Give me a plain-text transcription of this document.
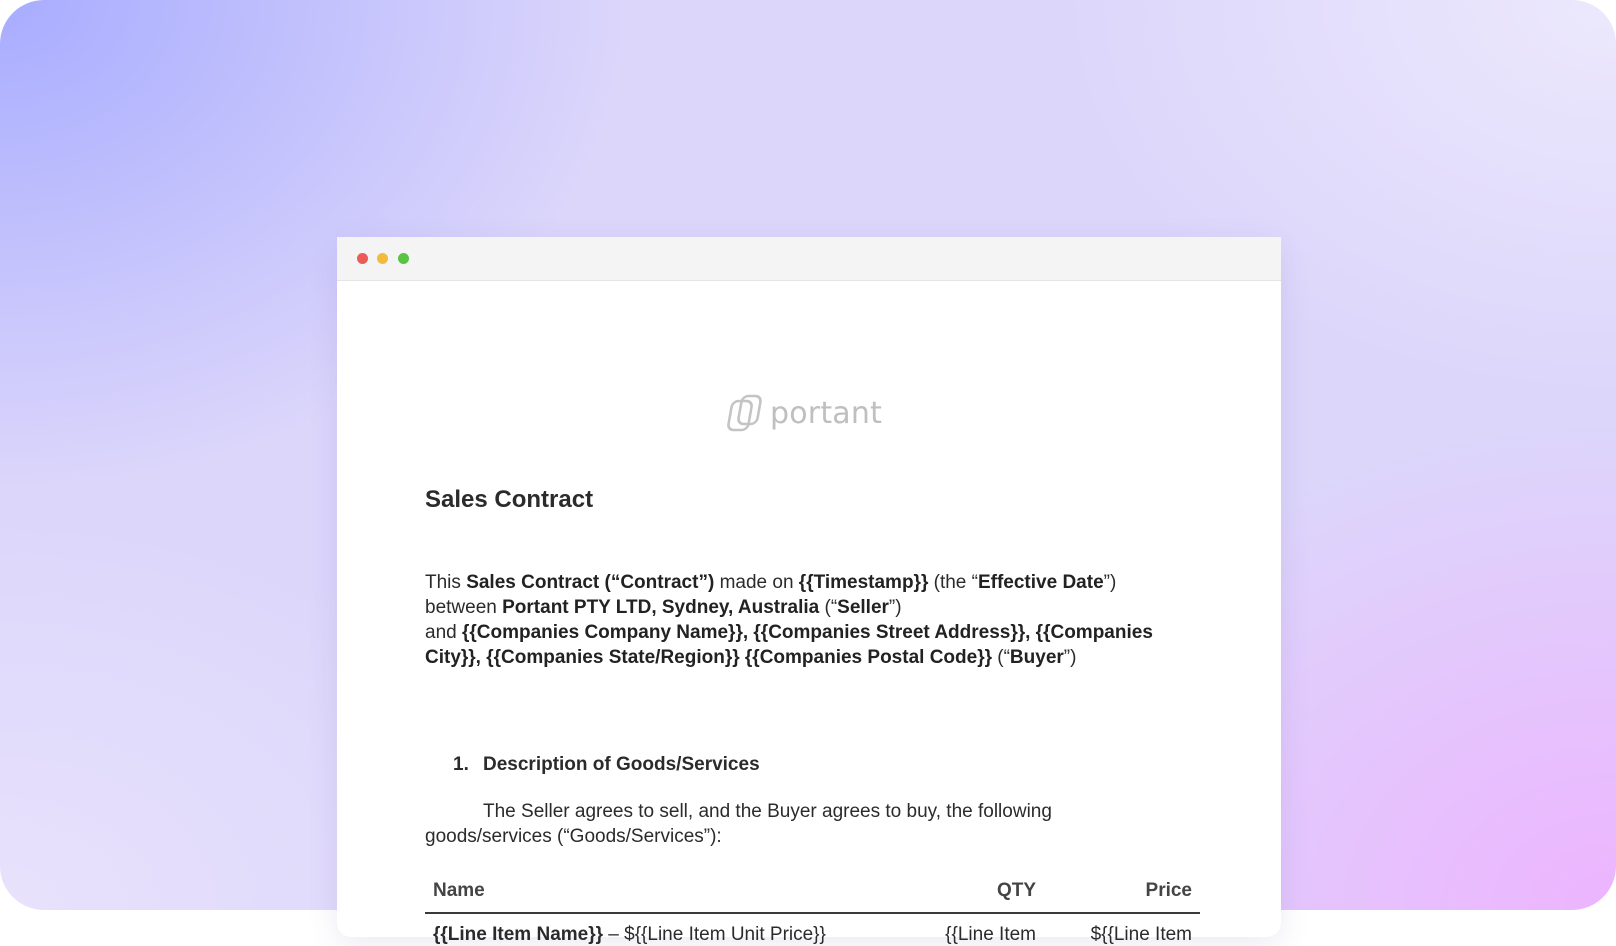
portant
Sales Contract
This Sales Contract (“Contract”) made on {{Timestamp}} (the “Effective Date”)
between Portant PTY LTD, Sydney, Australia (“Seller”)
and {{Companies Company Name}}, {{Companies Street Address}}, {{Companies City}}, {{Companies State/Region}} {{Companies Postal Code}} (“Buyer”)
1. Description of Goods/Services
The Seller agrees to sell, and the Buyer agrees to buy, the following goods/services (“Goods/Services”):
Name	QTY	Price
{{Line Item Name}} – ${{Line Item Unit Price}}	{{Line Item	${{Line Item
